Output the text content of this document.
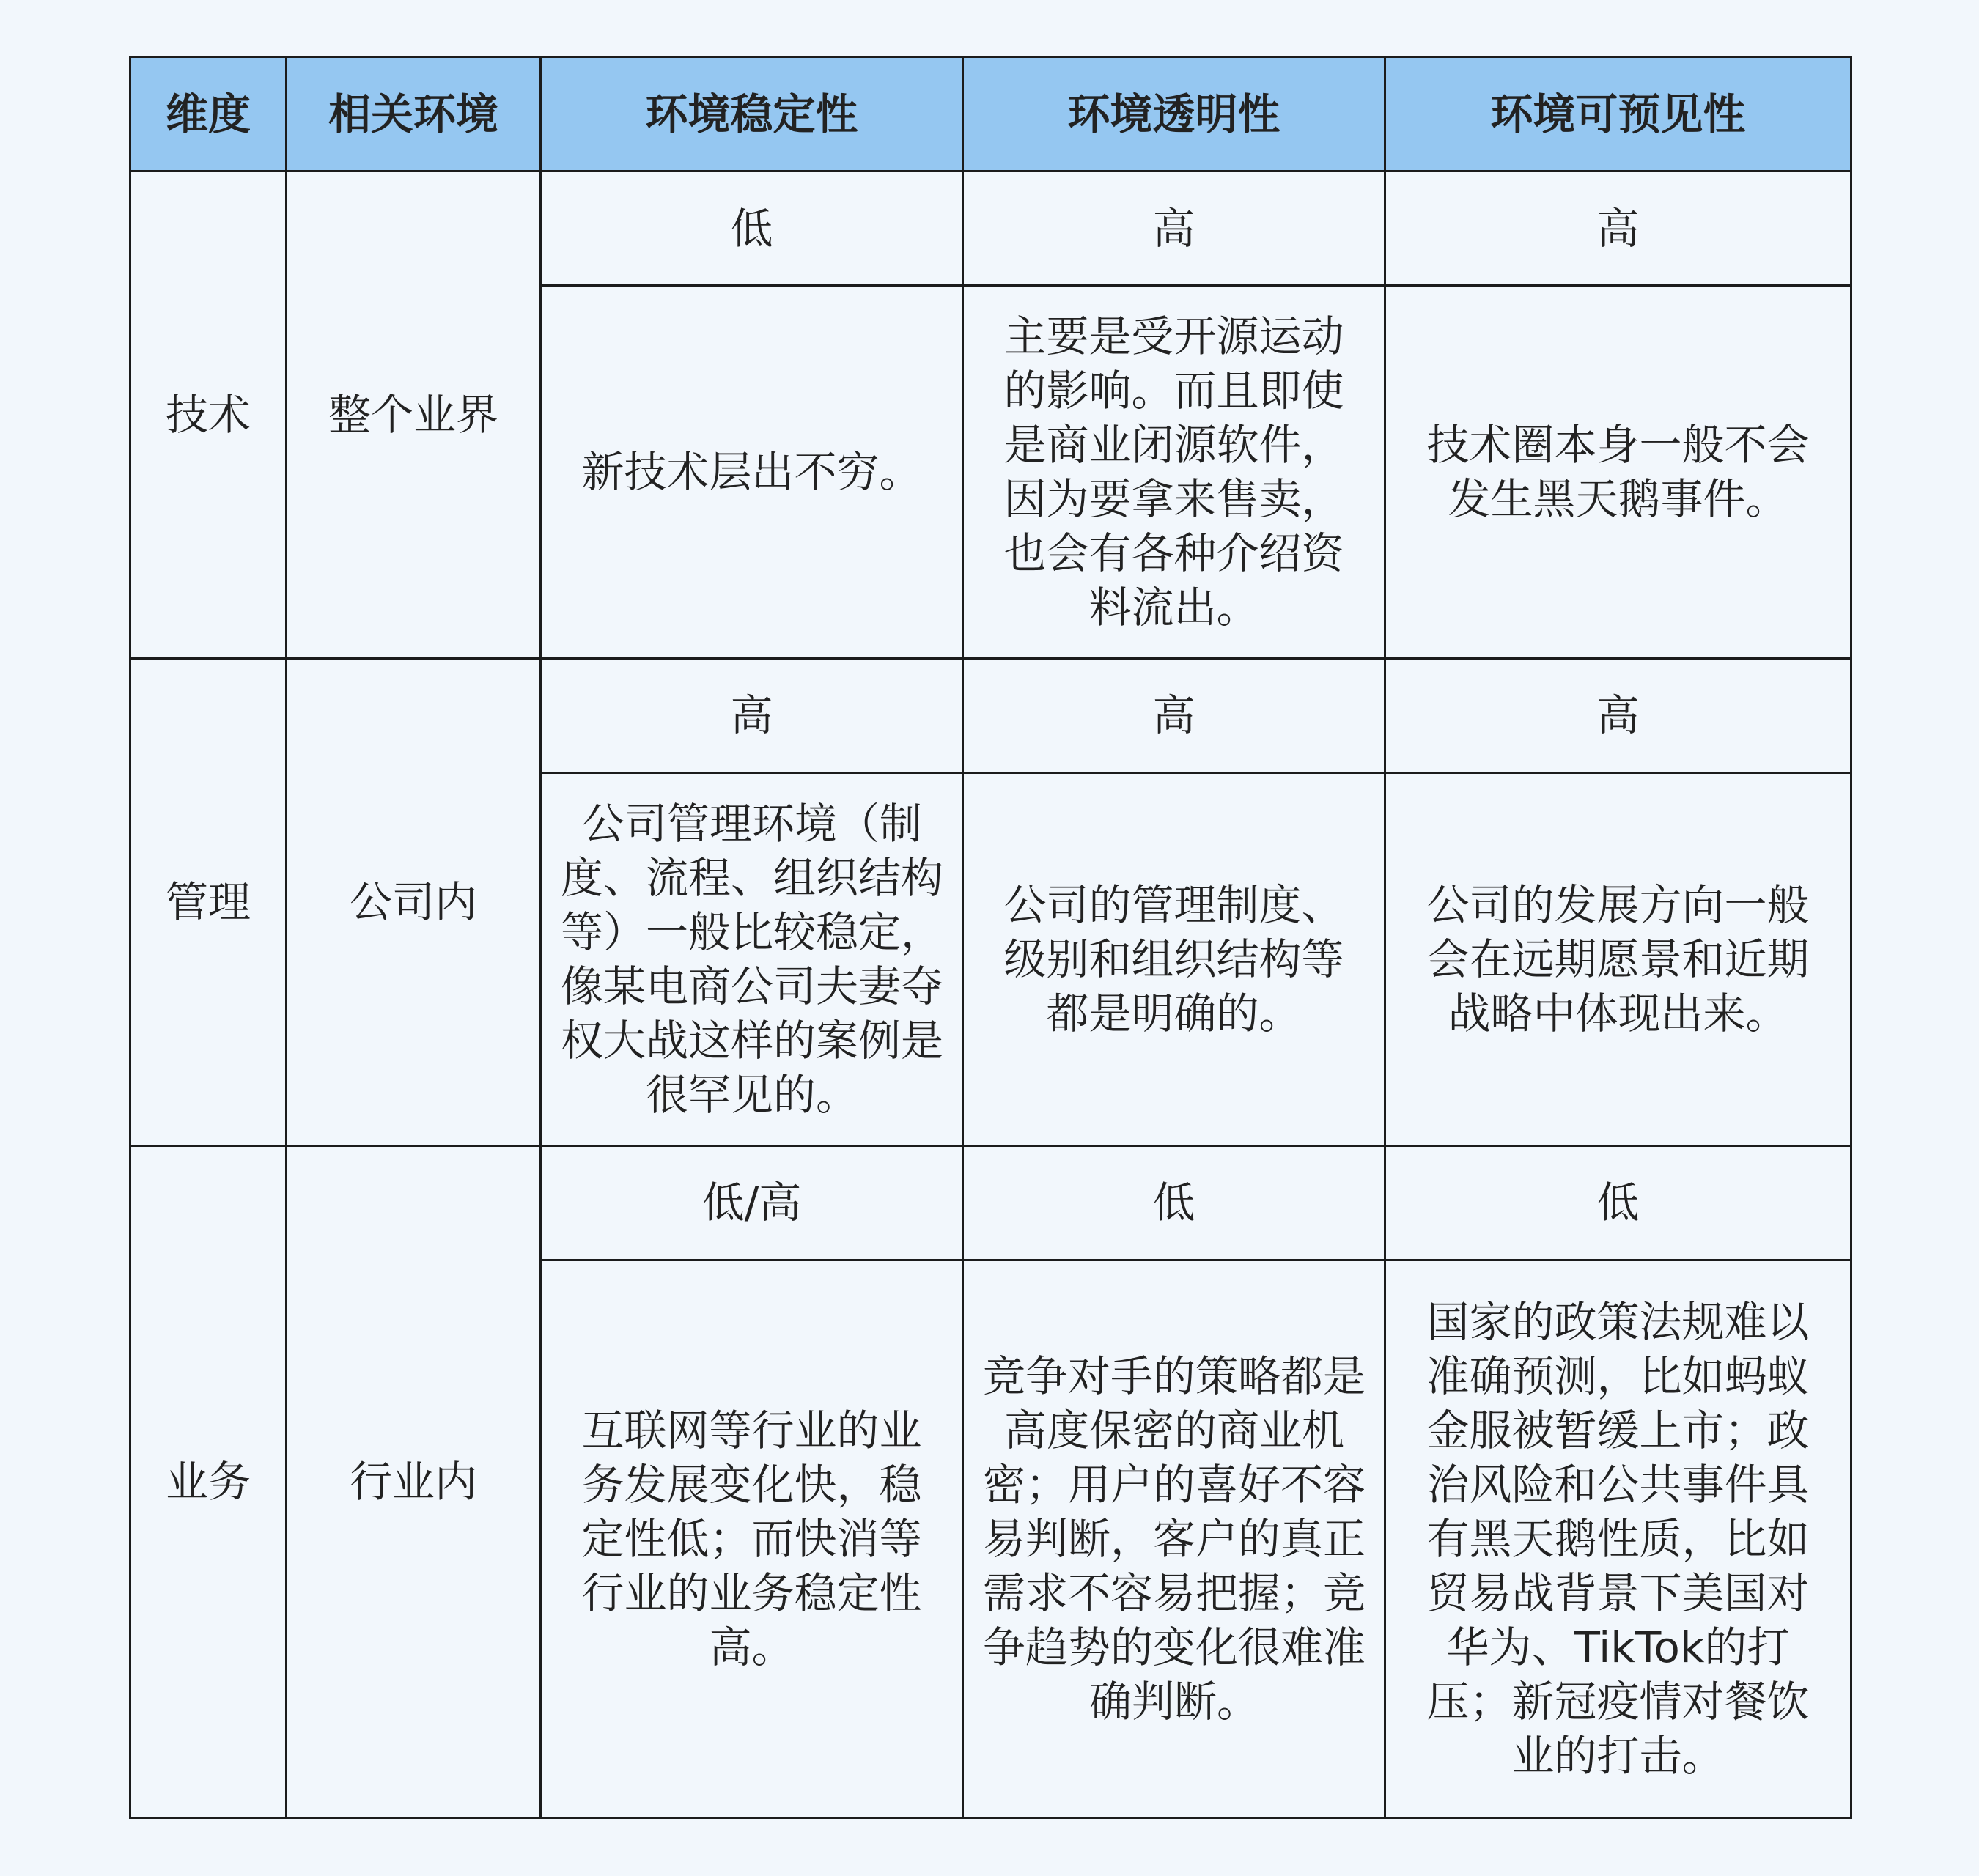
维度	相关环境	环境稳定性	环境透明性	环境可预见性
技术	整个业界	低	高	高
		新技术层出不穷。	主要是受开源运动的影响。而且即使是商业闭源软件，因为要拿来售卖，也会有各种介绍资料流出。	技术圈本身一般不会发生黑天鹅事件。
管理	公司内	高	高	高
		公司管理环境（制度、流程、组织结构等）一般比较稳定，像某电商公司夫妻夺权大战这样的案例是很罕见的。	公司的管理制度、级别和组织结构等都是明确的。	公司的发展方向一般会在远期愿景和近期战略中体现出来。
业务	行业内	低/高	低	低
		互联网等行业的业务发展变化快，稳定性低；而快消等行业的业务稳定性高。	竞争对手的策略都是高度保密的商业机密；用户的喜好不容易判断，客户的真正需求不容易把握；竞争趋势的变化很难准确判断。	国家的政策法规难以准确预测，比如蚂蚁金服被暂缓上市；政治风险和公共事件具有黑天鹅性质，比如贸易战背景下美国对华为、TikTok的打压；新冠疫情对餐饮业的打击。
